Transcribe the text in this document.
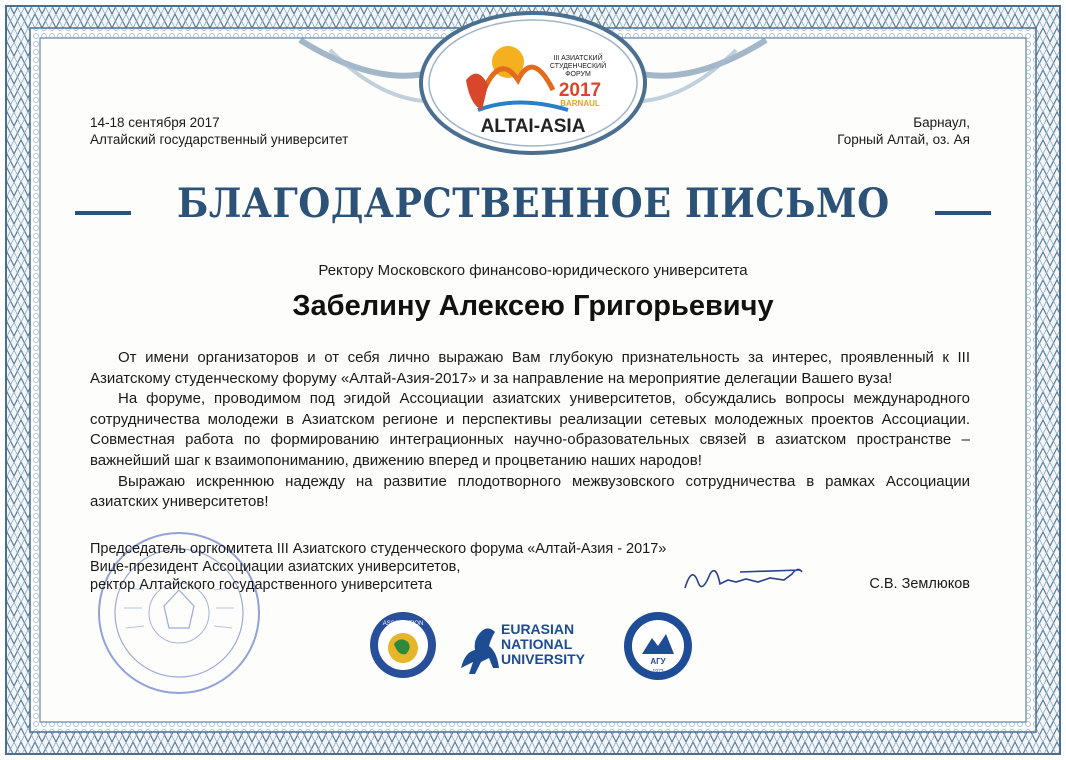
III АЗИАТСКИЙ
СТУДЕНЧЕСКИЙ
ФОРУМ
2017
BARNAUL
ALTAI-ASIA
14-18 сентября 2017
Алтайский государственный университет
Барнаул,
Горный Алтай, оз. Ая
БЛАГОДАРСТВЕННОЕ ПИСЬМО
Ректору Московского финансово-юридического университета
Забелину Алексею Григорьевичу

От имени организаторов и от себя лично выражаю Вам глубокую признательность за интерес, проявленный к III Азиатскому студенческому форуму «Алтай-Азия-2017» и за направление на мероприятие делегации Вашего вуза!

На форуме, проводимом под эгидой Ассоциации азиатских университетов, обсуждались вопросы международного сотрудничества молодежи в Азиатском регионе и перспективы реализации сетевых молодежных проектов Ассоциации. Совместная работа по формированию интеграционных научно-образовательных связей в азиатском пространстве – важнейший шаг к взаимопониманию, движению вперед и процветанию наших народов!

Выражаю искреннюю надежду на развитие плодотворного межвузовского сотрудничества в рамках Ассоциации азиатских университетов!

Председатель оргкомитета III Азиатского студенческого форума «Алтай-Азия - 2017»
Вице-президент Ассоциации азиатских университетов,
ректор Алтайского государственного университета	С.В. Землюков
ASSOCIATION	EURASIAN
NATIONAL
UNIVERSITY	АГУ
1973
